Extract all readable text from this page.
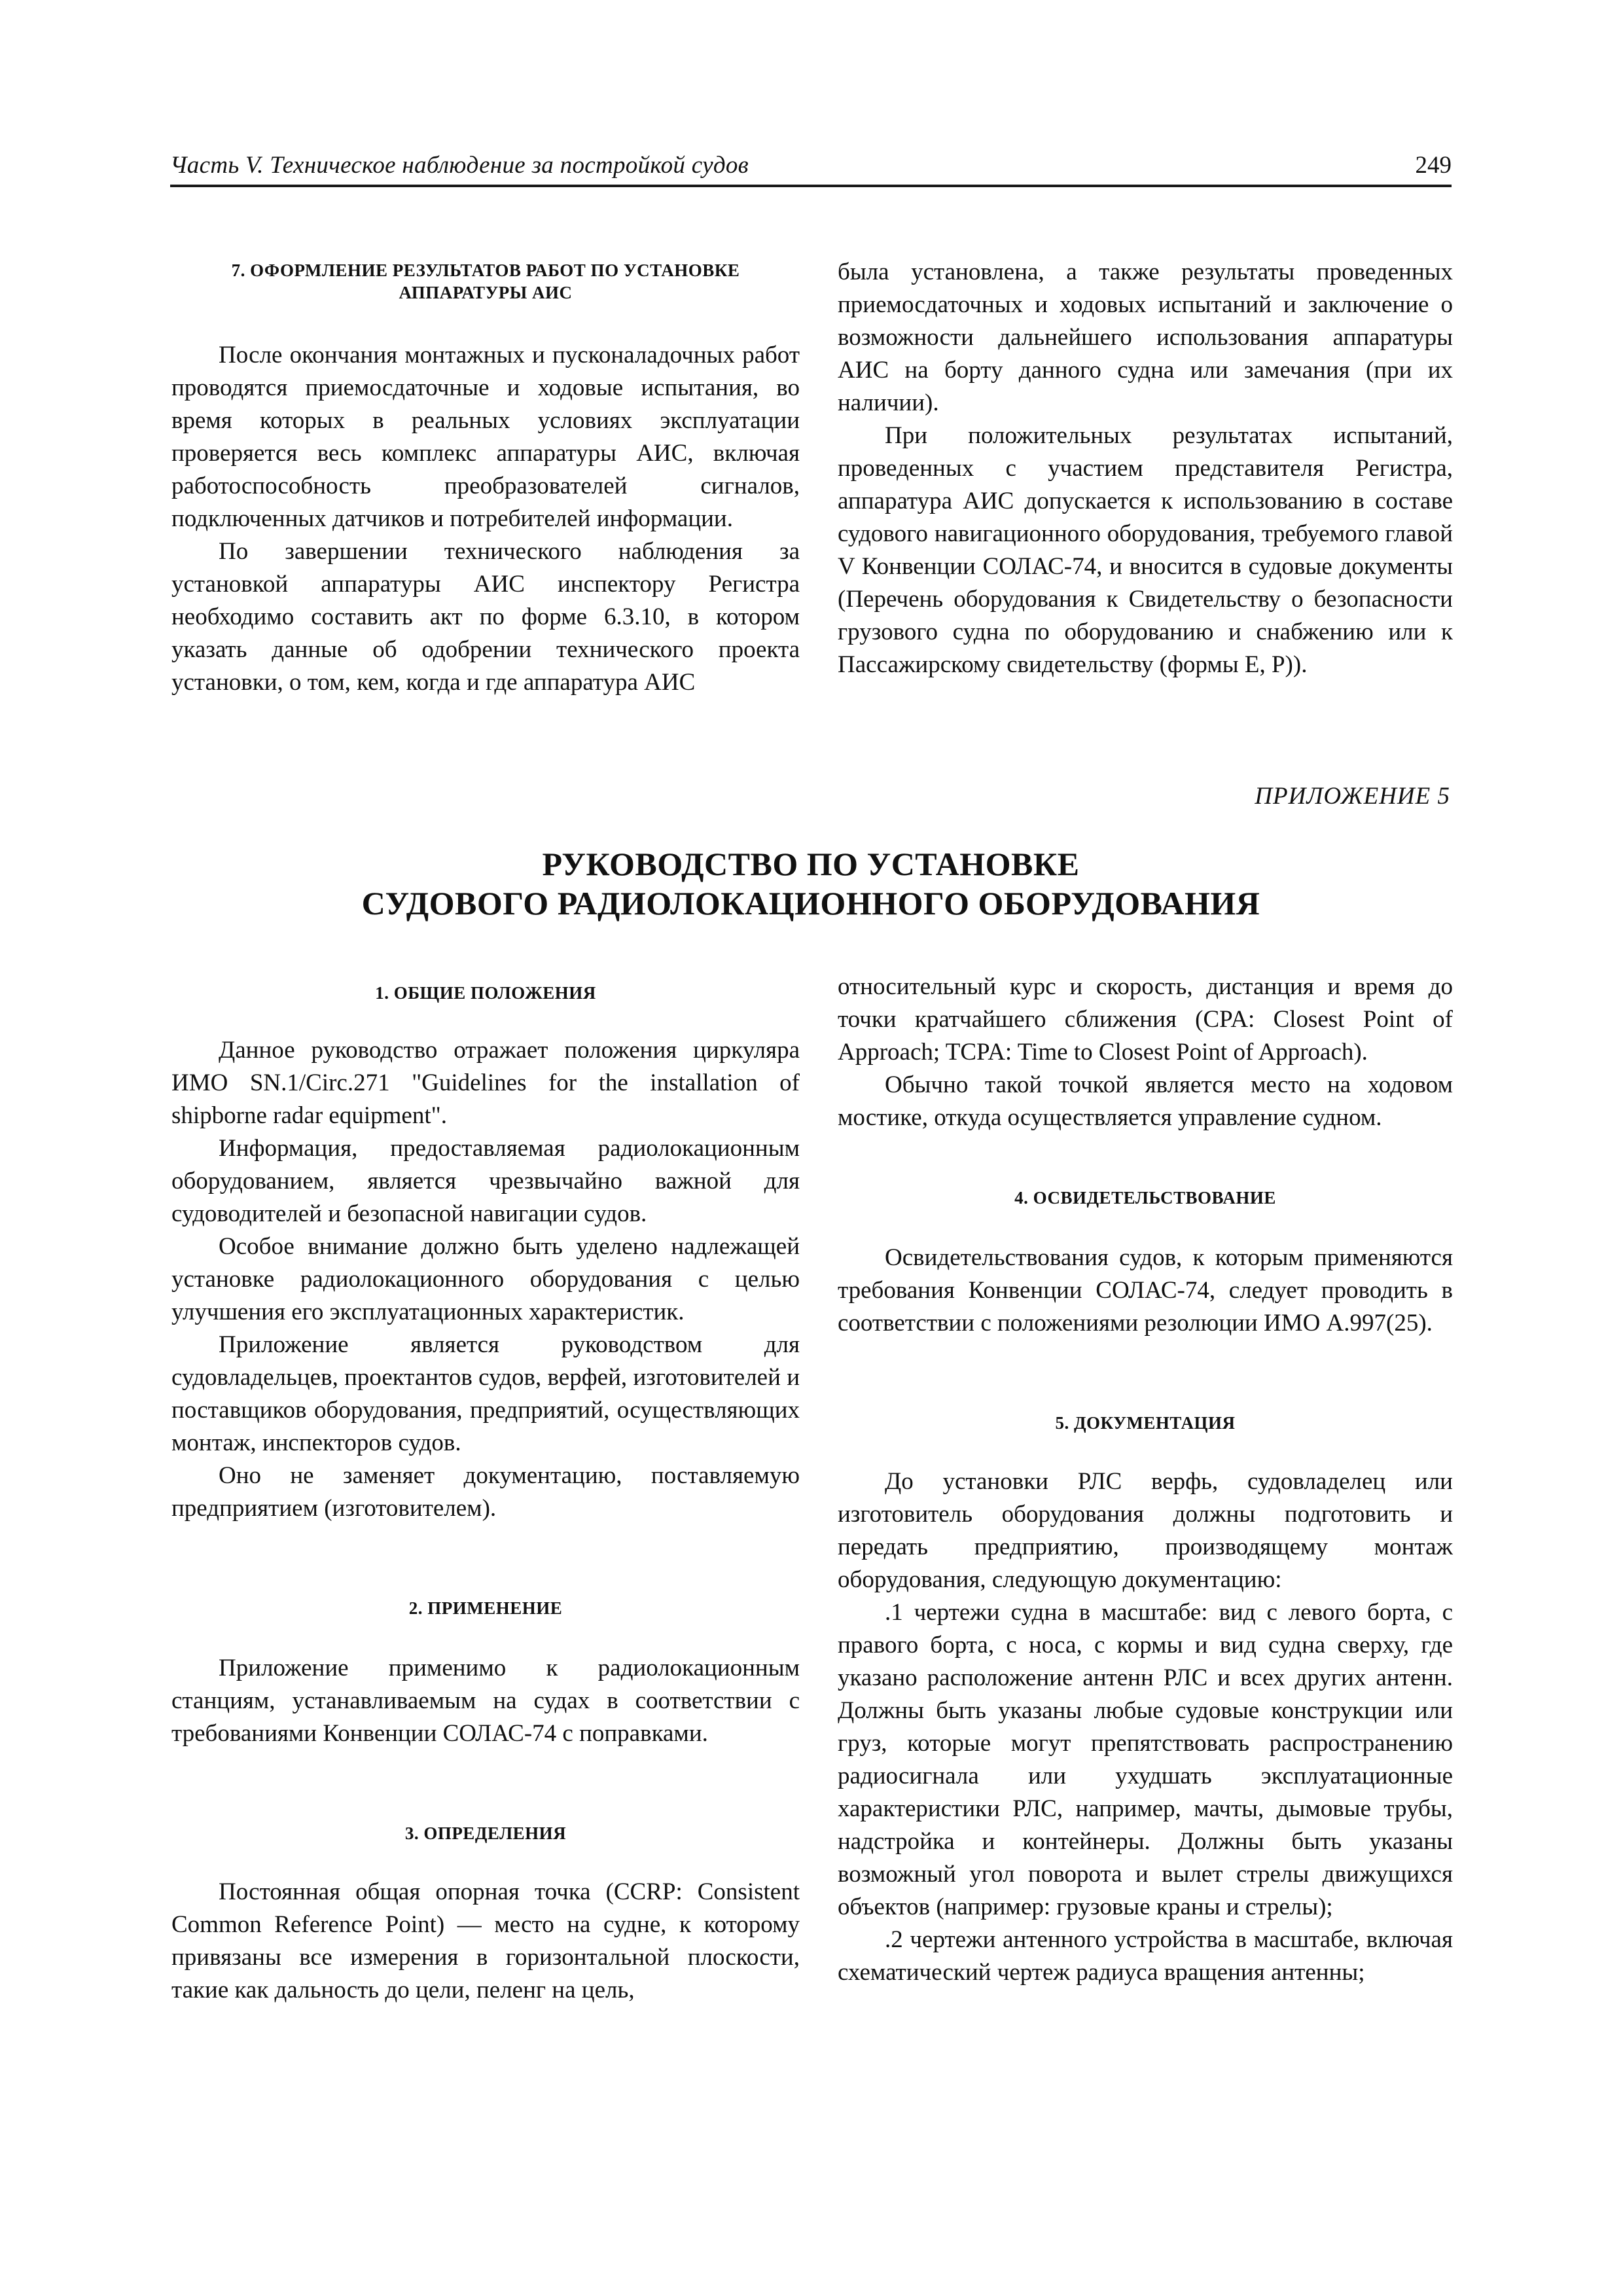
Часть V. Техническое наблюдение за постройкой судов	249
7. ОФОРМЛЕНИЕ РЕЗУЛЬТАТОВ РАБОТ ПО УСТАНОВКЕ
АППАРАТУРЫ АИС

После окончания монтажных и пусконаладочных работ проводятся приемосдаточные и ходовые испытания, во время которых в реальных условиях эксплуатации проверяется весь комплекс аппаратуры АИС, включая работоспособность преобразователей сигналов, подключенных датчиков и потребителей информации.

По завершении технического наблюдения за установкой аппаратуры АИС инспектору Регистра необходимо составить акт по форме 6.3.10, в котором указать данные об одобрении технического проекта установки, о том, кем, когда и где аппаратура АИС

была установлена, а также результаты проведенных приемосдаточных и ходовых испытаний и заключение о возможности дальнейшего использования аппаратуры АИС на борту данного судна или замечания (при их наличии).

При положительных результатах испытаний, проведенных с участием представителя Регистра, аппаратура АИС допускается к использованию в составе судового навигационного оборудования, требуемого главой V Конвенции СОЛАС-74, и вносится в судовые документы (Перечень оборудования к Свидетельству о безопасности грузового судна по оборудованию и снабжению или к Пассажирскому свидетельству (формы Е, Р)).

ПРИЛОЖЕНИЕ 5
РУКОВОДСТВО ПО УСТАНОВКЕ
СУДОВОГО РАДИОЛОКАЦИОННОГО ОБОРУДОВАНИЯ
1. ОБЩИЕ ПОЛОЖЕНИЯ

Данное руководство отражает положения циркуляра ИМО SN.1/Circ.271 "Guidelines for the installation of shipborne radar equipment".

Информация, предоставляемая радиолокационным оборудованием, является чрезвычайно важной для судоводителей и безопасной навигации судов.

Особое внимание должно быть уделено надлежащей установке радиолокационного оборудования с целью улучшения его эксплуатационных характеристик.

Приложение является руководством для судовладельцев, проектантов судов, верфей, изготовителей и поставщиков оборудования, предприятий, осуществляющих монтаж, инспекторов судов.

Оно не заменяет документацию, поставляемую предприятием (изготовителем).

2. ПРИМЕНЕНИЕ

Приложение применимо к радиолокационным станциям, устанавливаемым на судах в соответствии с требованиями Конвенции СОЛАС-74 с поправками.

3. ОПРЕДЕЛЕНИЯ

Постоянная общая опорная точка (CCRP: Consistent Common Reference Point) — место на судне, к которому привязаны все измерения в горизонтальной плоскости, такие как дальность до цели, пеленг на цель,

относительный курс и скорость, дистанция и время до точки кратчайшего сближения (CPA: Closest Point of Approach; TCPA: Time to Closest Point of Approach).

Обычно такой точкой является место на ходовом мостике, откуда осуществляется управление судном.

4. ОСВИДЕТЕЛЬСТВОВАНИЕ

Освидетельствования судов, к которым применяются требования Конвенции СОЛАС-74, следует проводить в соответствии с положениями резолюции ИМО А.997(25).

5. ДОКУМЕНТАЦИЯ

До установки РЛС верфь, судовладелец или изготовитель оборудования должны подготовить и передать предприятию, производящему монтаж оборудования, следующую документацию:

.1 чертежи судна в масштабе: вид с левого борта, с правого борта, с носа, с кормы и вид судна сверху, где указано расположение антенн РЛС и всех других антенн. Должны быть указаны любые судовые конструкции или груз, которые могут препятствовать распространению радиосигнала или ухудшать эксплуатационные характеристики РЛС, например, мачты, дымовые трубы, надстройка и контейнеры. Должны быть указаны возможный угол поворота и вылет стрелы движущихся объектов (например: грузовые краны и стрелы);

.2 чертежи антенного устройства в масштабе, включая схематический чертеж радиуса вращения антенны;
